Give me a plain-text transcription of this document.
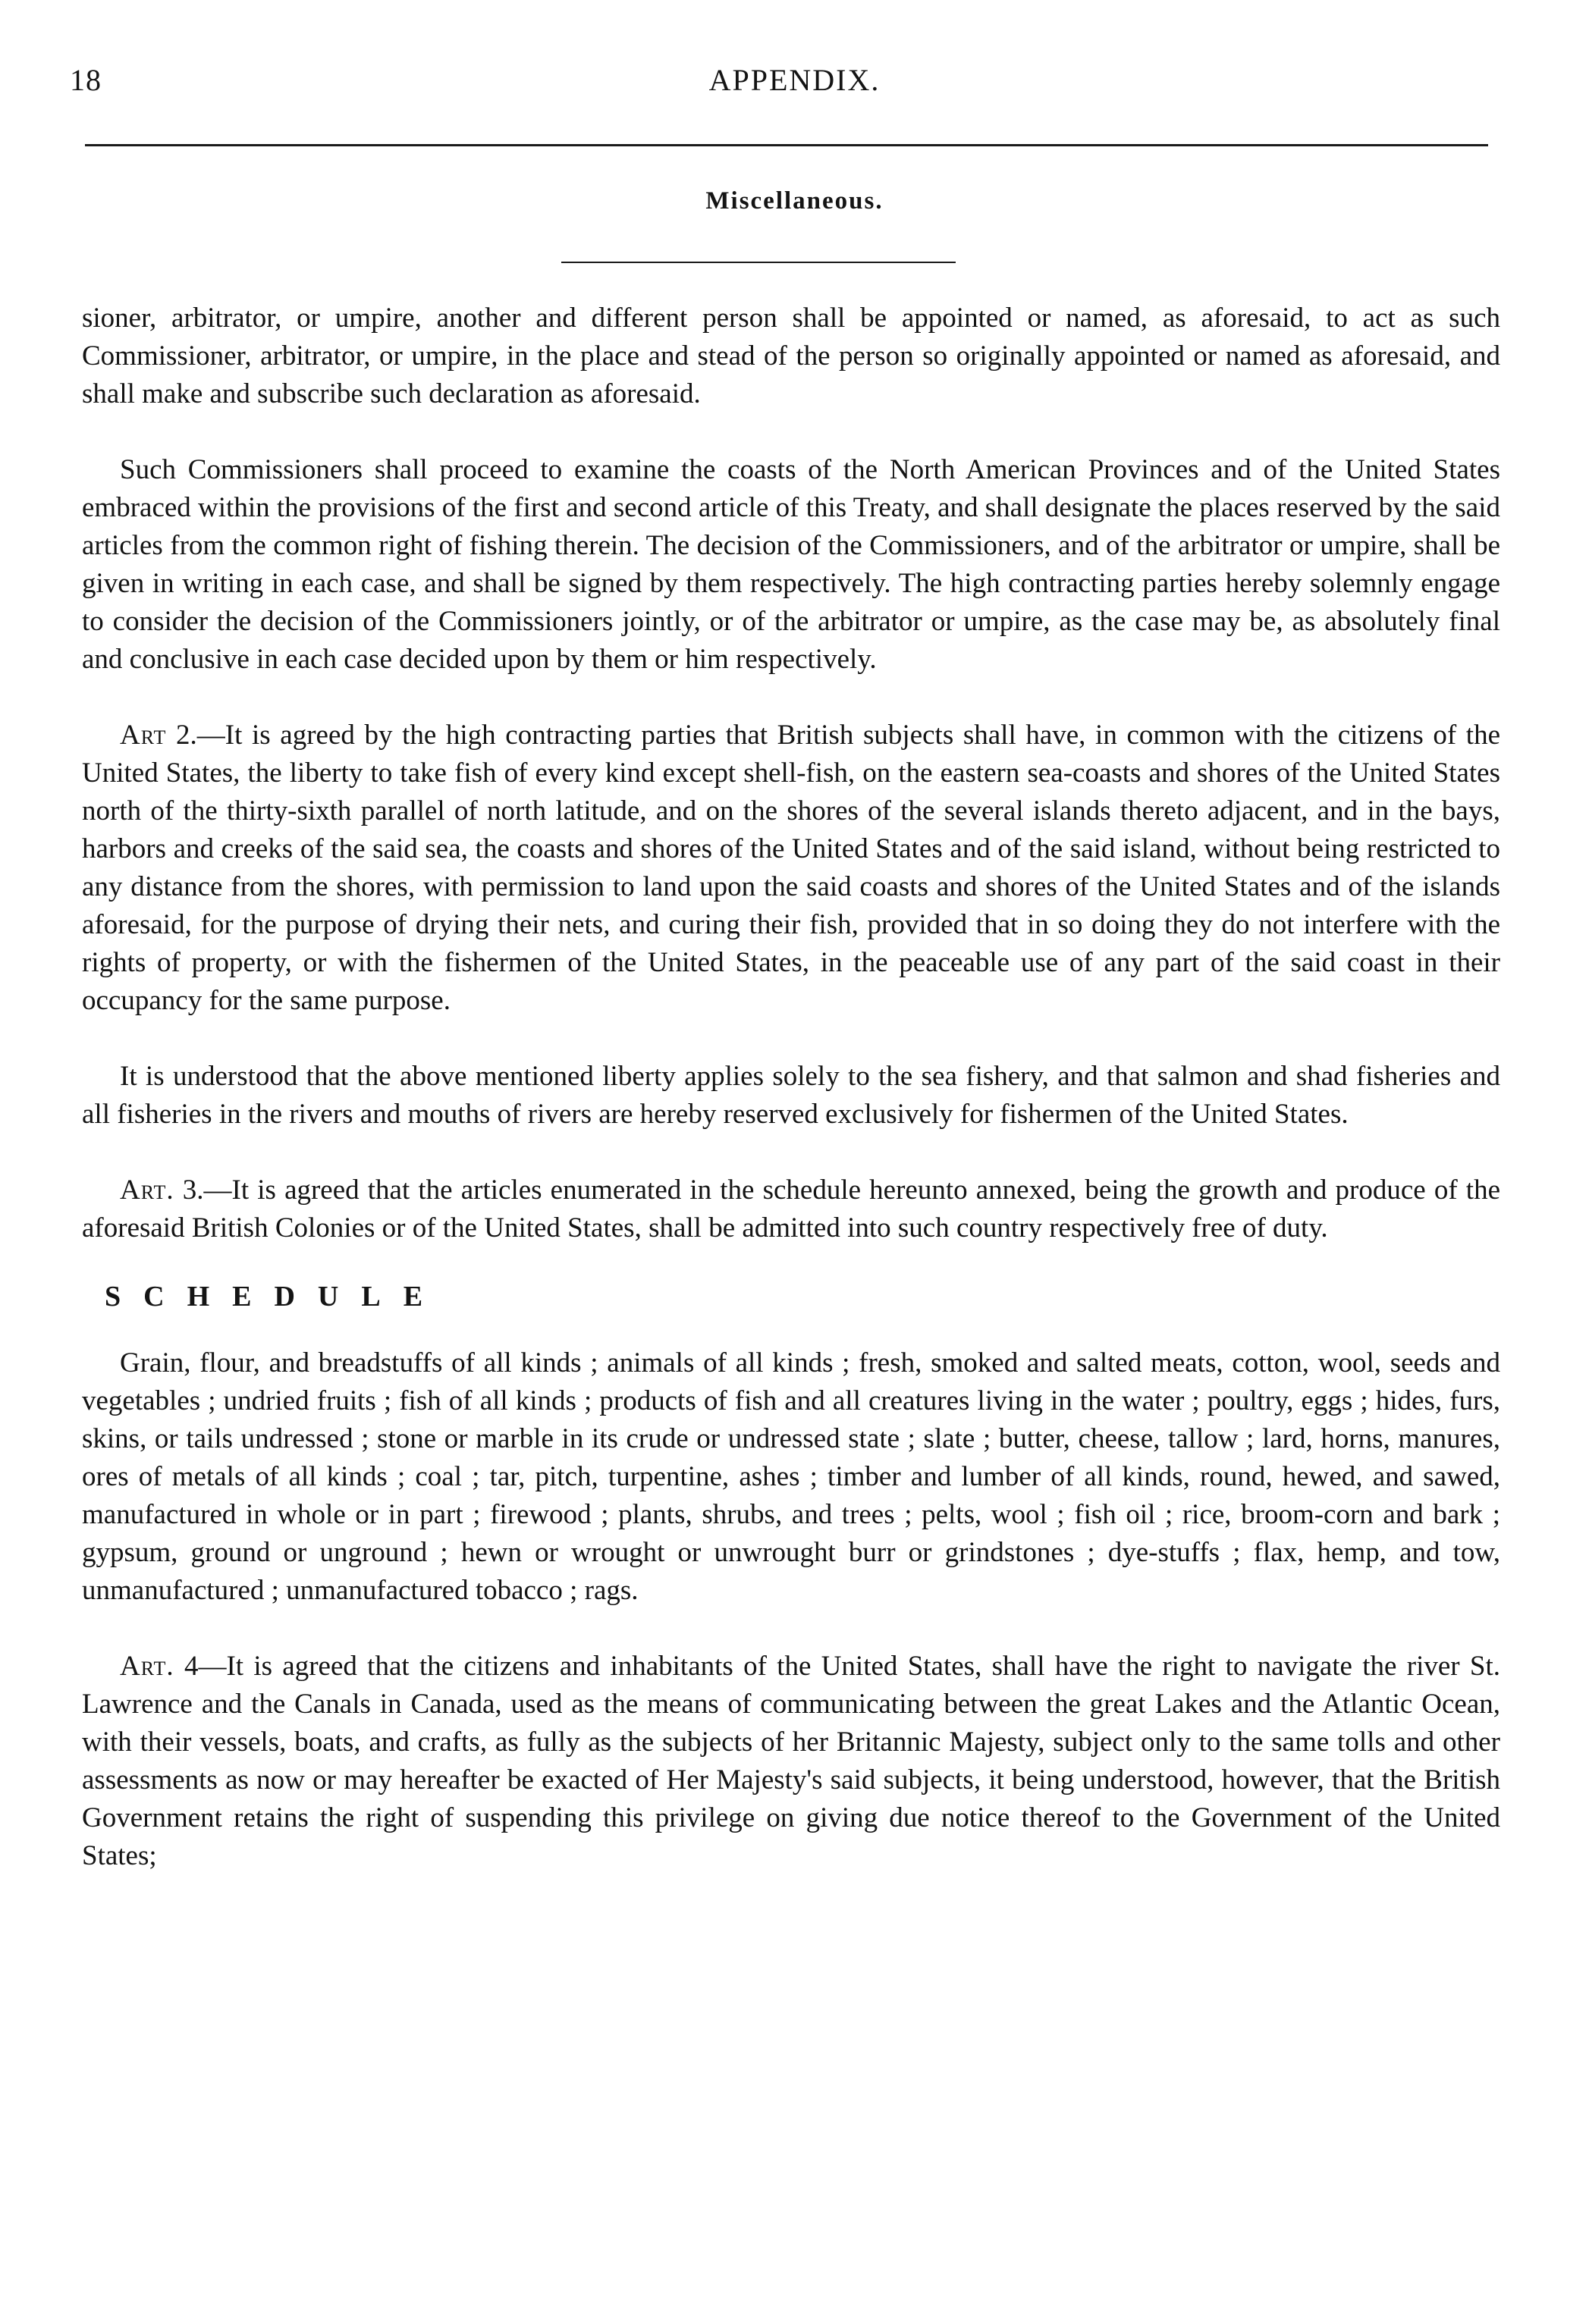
18	APPENDIX.
Miscellaneous.

sioner, arbitrator, or umpire, another and different person shall be appointed or named, as aforesaid, to act as such Commissioner, arbitrator, or umpire, in the place and stead of the person so originally appointed or named as aforesaid, and shall make and subscribe such declaration as aforesaid.

Such Commissioners shall proceed to examine the coasts of the North American Provinces and of the United States embraced within the provisions of the first and second article of this Treaty, and shall designate the places reserved by the said articles from the common right of fishing therein. The decision of the Commissioners, and of the arbitrator or umpire, shall be given in writing in each case, and shall be signed by them respectively. The high contracting parties hereby solemnly engage to consider the decision of the Commissioners jointly, or of the arbitrator or umpire, as the case may be, as absolutely final and conclusive in each case decided upon by them or him respectively.

Art 2.—It is agreed by the high contracting parties that British subjects shall have, in common with the citizens of the United States, the liberty to take fish of every kind except shell-fish, on the eastern sea-coasts and shores of the United States north of the thirty-sixth parallel of north latitude, and on the shores of the several islands thereto adjacent, and in the bays, harbors and creeks of the said sea, the coasts and shores of the United States and of the said island, without being restricted to any distance from the shores, with permission to land upon the said coasts and shores of the United States and of the islands aforesaid, for the purpose of drying their nets, and curing their fish, provided that in so doing they do not interfere with the rights of property, or with the fishermen of the United States, in the peaceable use of any part of the said coast in their occupancy for the same purpose.

It is understood that the above mentioned liberty applies solely to the sea fishery, and that salmon and shad fisheries and all fisheries in the rivers and mouths of rivers are hereby reserved exclusively for fishermen of the United States.

Art. 3.—It is agreed that the articles enumerated in the schedule hereunto annexed, being the growth and produce of the aforesaid British Colonies or of the United States, shall be admitted into such country respectively free of duty.

SCHEDULE

Grain, flour, and breadstuffs of all kinds ; animals of all kinds ; fresh, smoked and salted meats, cotton, wool, seeds and vegetables ; undried fruits ; fish of all kinds ; products of fish and all creatures living in the water ; poultry, eggs ; hides, furs, skins, or tails undressed ; stone or marble in its crude or undressed state ; slate ; butter, cheese, tallow ; lard, horns, manures, ores of metals of all kinds ; coal ; tar, pitch, turpentine, ashes ; timber and lumber of all kinds, round, hewed, and sawed, manufactured in whole or in part ; firewood ; plants, shrubs, and trees ; pelts, wool ; fish oil ; rice, broom-corn and bark ; gypsum, ground or unground ; hewn or wrought or unwrought burr or grindstones ; dye-stuffs ; flax, hemp, and tow, unmanufactured ; unmanufactured tobacco ; rags.

Art. 4—It is agreed that the citizens and inhabitants of the United States, shall have the right to navigate the river St. Lawrence and the Canals in Canada, used as the means of communicating between the great Lakes and the Atlantic Ocean, with their vessels, boats, and crafts, as fully as the subjects of her Britannic Majesty, subject only to the same tolls and other assessments as now or may hereafter be exacted of Her Majesty's said subjects, it being understood, however, that the British Government retains the right of suspending this privilege on giving due notice thereof to the Government of the United States;
